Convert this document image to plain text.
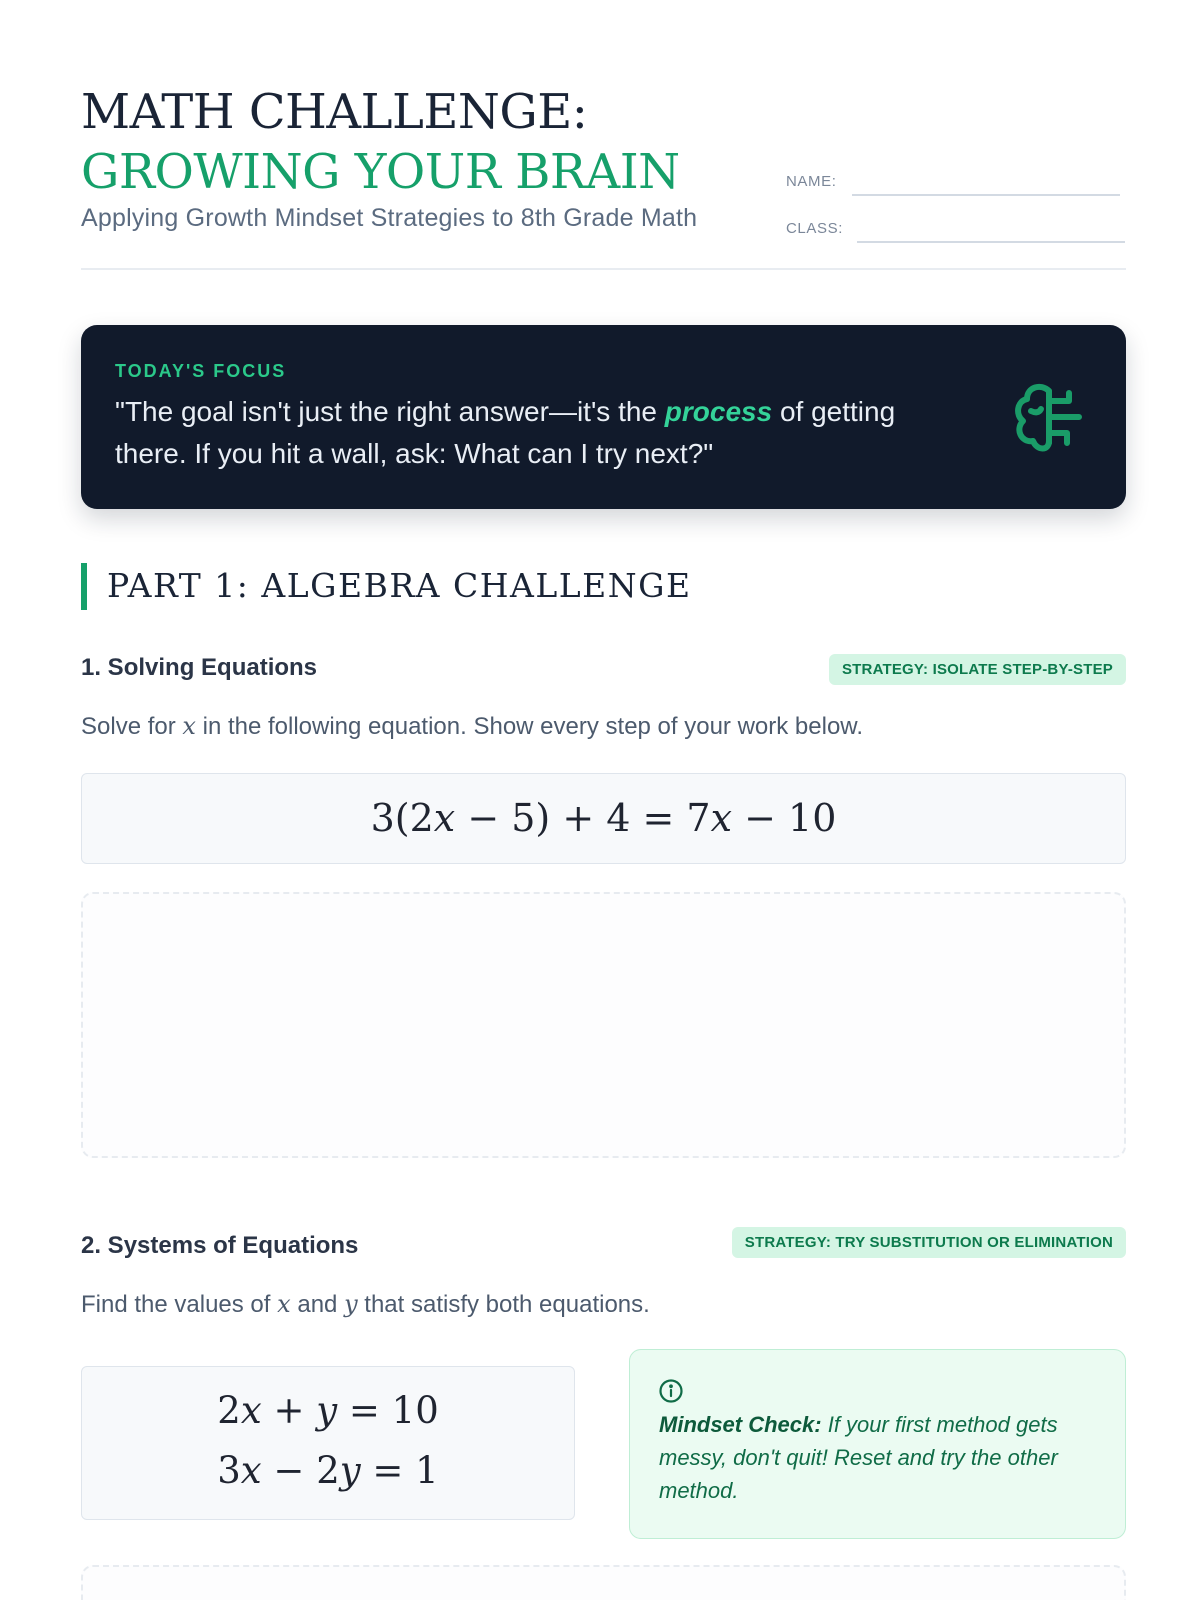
MATH CHALLENGE: GROWING YOUR BRAIN
Applying Growth Mindset Strategies to 8th Grade Math
NAME:
CLASS:
TODAY'S FOCUS
"The goal isn't just the right answer—it's the process of getting there. If you hit a wall, ask: What can I try next?"
PART 1: ALGEBRA CHALLENGE
1. Solving Equations	STRATEGY: ISOLATE STEP-BY-STEP
Solve for x in the following equation. Show every step of your work below.
3(2x − 5) + 4 = 7x − 10
2. Systems of Equations	STRATEGY: TRY SUBSTITUTION OR ELIMINATION
Find the values of x and y that satisfy both equations.
2x + y = 10
3x − 2y = 1
Mindset Check: If your first method gets messy, don't quit! Reset and try the other method.
